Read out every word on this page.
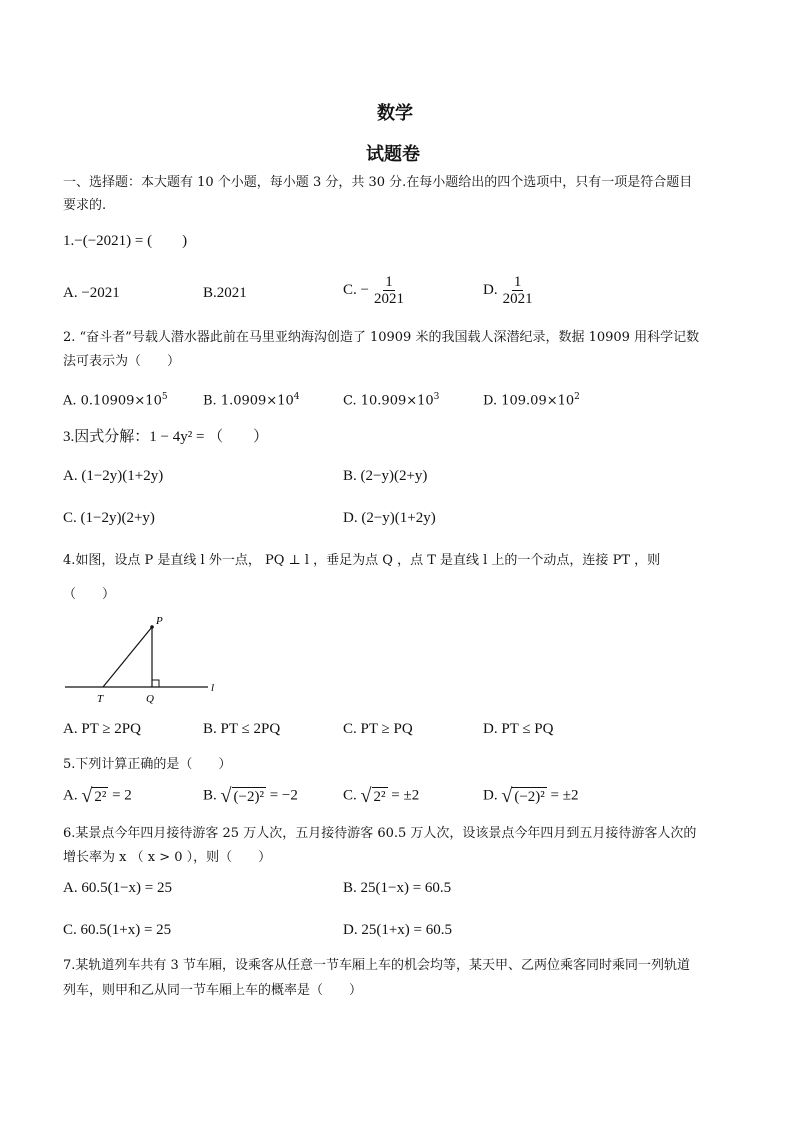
数学
试题卷
一、选择题：本大题有 10 个小题，每小题 3 分，共 30 分.在每小题给出的四个选项中，只有一项是符合题目
要求的.
1.−(−2021) = (　　)
A. −2021	B.2021	C. − $\frac{1}{2021}$	D. $\frac{1}{2021}$
2. “奋斗者”号载人潜水器此前在马里亚纳海沟创造了 10909 米的我国载人深潜纪录，数据 10909 用科学记数
法可表示为（　　）
A. $0.10909\times 10^5$	B. $1.0909\times 10^4$	C. $10.909\times 10^3$	D. $109.09\times 10^2$
3.因式分解：1 − 4y² = （　　）
A. (1−2y)(1+2y)	B. (2−y)(2+y)
C. (1−2y)(2+y)	D. (2−y)(1+2y)
4.如图，设点 P 是直线 l 外一点， PQ ⊥ l ，垂足为点 Q ，点 T 是直线 l 上的一个动点，连接 PT ，则
（　　）
P
T	Q
l
A. PT ≥ 2PQ	B. PT ≤ 2PQ	C. PT ≥ PQ	D. PT ≤ PQ
5.下列计算正确的是（　　）
A. √ 2² = 2	B. √ (−2)² = −2	C. √ 2² = ±2	D. √ (−2)² = ±2
6.某景点今年四月接待游客 25 万人次，五月接待游客 60.5 万人次，设该景点今年四月到五月接待游客人次的
增长率为 x （ x > 0 ），则（　　）
A. 60.5(1−x) = 25	B. 25(1−x) = 60.5
C. 60.5(1+x) = 25	D. 25(1+x) = 60.5
7.某轨道列车共有 3 节车厢，设乘客从任意一节车厢上车的机会均等，某天甲、乙两位乘客同时乘同一列轨道
列车，则甲和乙从同一节车厢上车的概率是（　　）
